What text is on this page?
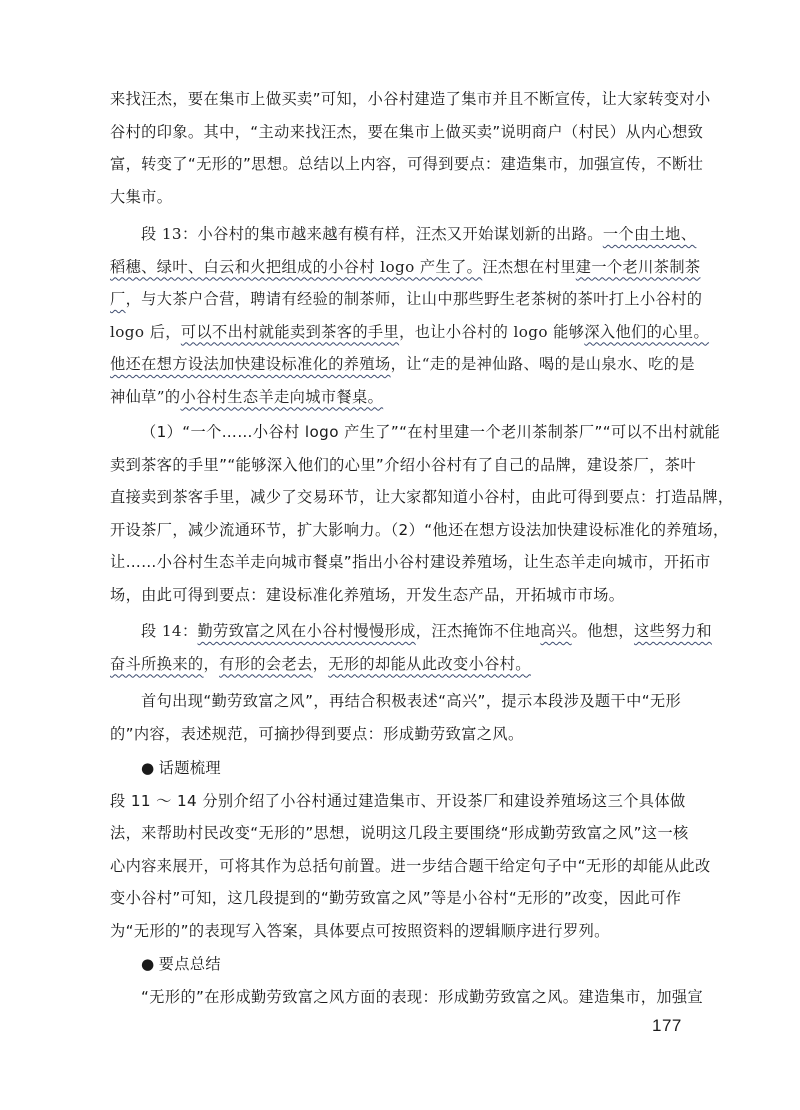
来找汪杰，要在集市上做买卖”可知，小谷村建造了集市并且不断宣传，让大家转变对小
谷村的印象。其中，“主动来找汪杰，要在集市上做买卖”说明商户（村民）从内心想致
富，转变了“无形的”思想。总结以上内容，可得到要点：建造集市，加强宣传，不断壮
大集市。
段 13：小谷村的集市越来越有模有样，汪杰又开始谋划新的出路。一个由土地、
稻穗、绿叶、白云和火把组成的小谷村 logo 产生了。汪杰想在村里建一个老川茶制茶
厂，与大茶户合营，聘请有经验的制茶师，让山中那些野生老茶树的茶叶打上小谷村的
logo 后，可以不出村就能卖到茶客的手里，也让小谷村的 logo 能够深入他们的心里。
他还在想方设法加快建设标准化的养殖场，让“走的是神仙路、喝的是山泉水、吃的是
神仙草”的小谷村生态羊走向城市餐桌。
（1）“一个……小谷村 logo 产生了”“在村里建一个老川茶制茶厂”“可以不出村就能
卖到茶客的手里”“能够深入他们的心里”介绍小谷村有了自己的品牌，建设茶厂，茶叶
直接卖到茶客手里，减少了交易环节，让大家都知道小谷村，由此可得到要点：打造品牌，
开设茶厂，减少流通环节，扩大影响力。（2）“他还在想方设法加快建设标准化的养殖场，
让……小谷村生态羊走向城市餐桌”指出小谷村建设养殖场，让生态羊走向城市，开拓市
场，由此可得到要点：建设标准化养殖场，开发生态产品，开拓城市市场。
段 14：勤劳致富之风在小谷村慢慢形成，汪杰掩饰不住地高兴。他想，这些努力和
奋斗所换来的，有形的会老去，无形的却能从此改变小谷村。
首句出现“勤劳致富之风”，再结合积极表述“高兴”，提示本段涉及题干中“无形
的”内容，表述规范，可摘抄得到要点：形成勤劳致富之风。
● 话题梳理
段 11 ～ 14 分别介绍了小谷村通过建造集市、开设茶厂和建设养殖场这三个具体做
法，来帮助村民改变“无形的”思想，说明这几段主要围绕“形成勤劳致富之风”这一核
心内容来展开，可将其作为总括句前置。进一步结合题干给定句子中“无形的却能从此改
变小谷村”可知，这几段提到的“勤劳致富之风”等是小谷村“无形的”改变，因此可作
为“无形的”的表现写入答案，具体要点可按照资料的逻辑顺序进行罗列。
● 要点总结
“无形的”在形成勤劳致富之风方面的表现：形成勤劳致富之风。建造集市，加强宣
177
